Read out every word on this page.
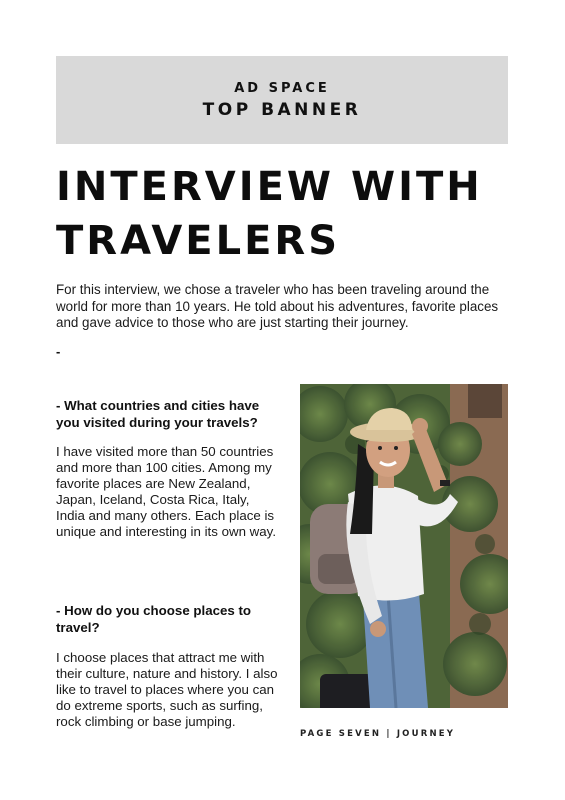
AD SPACE
TOP BANNER
INTERVIEW WITH
TRAVELERS

For this interview, we chose a traveler who has been traveling around the world for more than 10 years. He told about his adventures, favorite places and gave advice to those who are just starting their journey.

-

- What countries and cities have you visited during your travels?

I have visited more than 50 countries and more than 100 cities. Among my favorite places are New Zealand, Japan, Iceland, Costa Rica, Italy, India and many others. Each place is unique and interesting in its own way.

- How do you choose places to travel?

I choose places that attract me with their culture, nature and history. I also like to travel to places where you can do extreme sports, such as surfing, rock climbing or base jumping.

PAGE SEVEN | JOURNEY
